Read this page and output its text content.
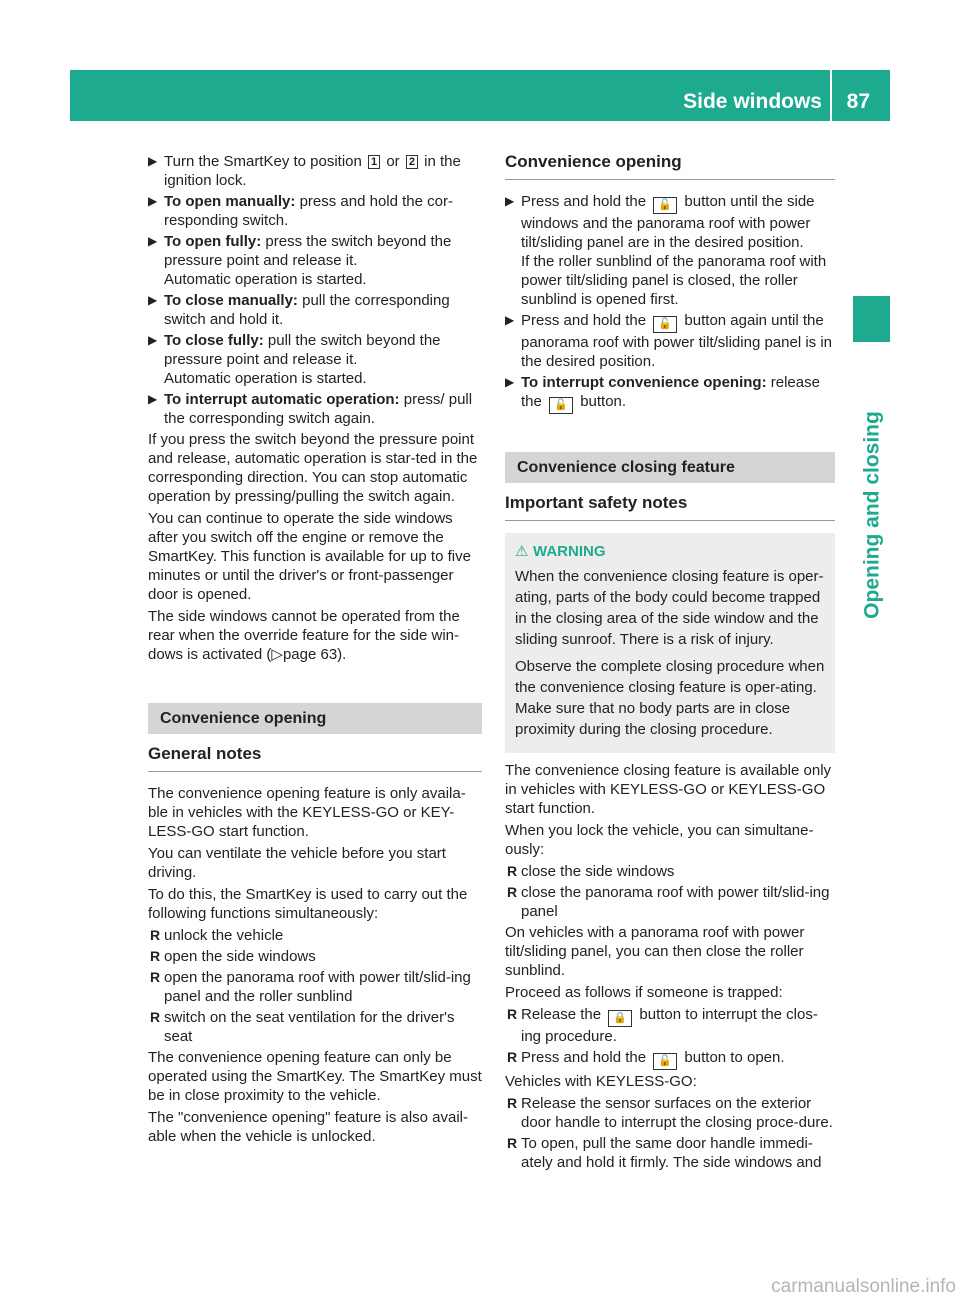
Side windows 87
Opening and closing
▶ Turn the SmartKey to position 1 or 2 in the ignition lock.
▶ To open manually: press and hold the cor-responding switch.
▶ To open fully: press the switch beyond the pressure point and release it.
Automatic operation is started.
▶ To close manually: pull the corresponding switch and hold it.
▶ To close fully: pull the switch beyond the pressure point and release it.
Automatic operation is started.
▶ To interrupt automatic operation: press/ pull the corresponding switch again.

If you press the switch beyond the pressure point and release, automatic operation is star-ted in the corresponding direction. You can stop automatic operation by pressing/pulling the switch again.

You can continue to operate the side windows after you switch off the engine or remove the SmartKey. This function is available for up to five minutes or until the driver's or front-passenger door is opened.

The side windows cannot be operated from the rear when the override feature for the side win-dows is activated (▷page 63).

Convenience opening
General notes

The convenience opening feature is only availa-ble in vehicles with the KEYLESS-GO or KEY-LESS-GO start function.

You can ventilate the vehicle before you start driving.

To do this, the SmartKey is used to carry out the following functions simultaneously:

R unlock the vehicle
R open the side windows
R open the panorama roof with power tilt/slid-ing panel and the roller sunblind
R switch on the seat ventilation for the driver's seat

The convenience opening feature can only be operated using the SmartKey. The SmartKey must be in close proximity to the vehicle.

The "convenience opening" feature is also avail-able when the vehicle is unlocked.

Convenience opening
▶ Press and hold the 🔓 button until the side windows and the panorama roof with power tilt/sliding panel are in the desired position.
If the roller sunblind of the panorama roof with power tilt/sliding panel is closed, the roller sunblind is opened first.
▶ Press and hold the 🔓 button again until the panorama roof with power tilt/sliding panel is in the desired position.
▶ To interrupt convenience opening: release the 🔓 button.
Convenience closing feature
Important safety notes
⚠ WARNING

When the convenience closing feature is oper-ating, parts of the body could become trapped in the closing area of the side window and the sliding sunroof. There is a risk of injury.

Observe the complete closing procedure when the convenience closing feature is oper-ating. Make sure that no body parts are in close proximity during the closing procedure.

The convenience closing feature is available only in vehicles with KEYLESS-GO or KEYLESS-GO start function.

When you lock the vehicle, you can simultane-ously:

R close the side windows
R close the panorama roof with power tilt/slid-ing panel

On vehicles with a panorama roof with power tilt/sliding panel, you can then close the roller sunblind.

Proceed as follows if someone is trapped:

R Release the 🔒 button to interrupt the clos-ing procedure.
R Press and hold the 🔓 button to open.

Vehicles with KEYLESS-GO:

R Release the sensor surfaces on the exterior door handle to interrupt the closing proce-dure.
R To open, pull the same door handle immedi-ately and hold it firmly. The side windows and
carmanualsonline.info
